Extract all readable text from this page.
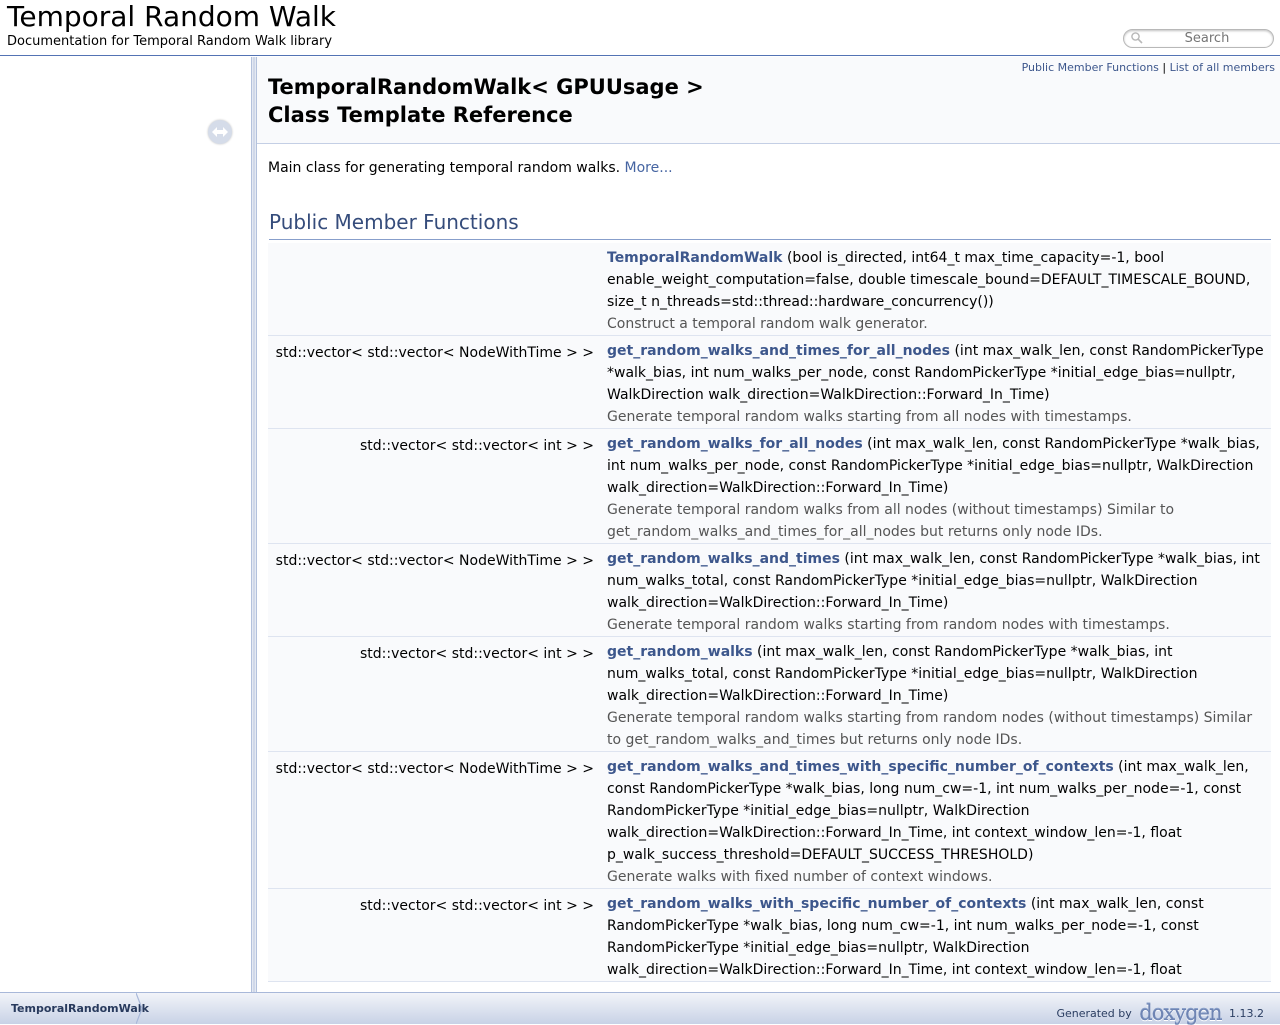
Temporal Random Walk
Documentation for Temporal Random Walk library
Search
Public Member Functions | List of all members
TemporalRandomWalk< GPUUsage >
Class Template Reference
Main class for generating temporal random walks. More...
Public Member Functions
TemporalRandomWalk (bool is_directed, int64_t max_time_capacity=-1, bool enable_weight_computation=false, double timescale_bound=DEFAULT_TIMESCALE_BOUND, size_t n_threads=std::thread::hardware_concurrency())
Construct a temporal random walk generator.
std::vector< std::vector< NodeWithTime > > get_random_walks_and_times_for_all_nodes (int max_walk_len, const RandomPickerType *walk_bias, int num_walks_per_node, const RandomPickerType *initial_edge_bias=nullptr, WalkDirection walk_direction=WalkDirection::Forward_In_Time)
Generate temporal random walks starting from all nodes with timestamps.
std::vector< std::vector< int > > get_random_walks_for_all_nodes (int max_walk_len, const RandomPickerType *walk_bias, int num_walks_per_node, const RandomPickerType *initial_edge_bias=nullptr, WalkDirection walk_direction=WalkDirection::Forward_In_Time)
Generate temporal random walks from all nodes (without timestamps) Similar to get_random_walks_and_times_for_all_nodes but returns only node IDs.
std::vector< std::vector< NodeWithTime > > get_random_walks_and_times (int max_walk_len, const RandomPickerType *walk_bias, int num_walks_total, const RandomPickerType *initial_edge_bias=nullptr, WalkDirection walk_direction=WalkDirection::Forward_In_Time)
Generate temporal random walks starting from random nodes with timestamps.
std::vector< std::vector< int > > get_random_walks (int max_walk_len, const RandomPickerType *walk_bias, int num_walks_total, const RandomPickerType *initial_edge_bias=nullptr, WalkDirection walk_direction=WalkDirection::Forward_In_Time)
Generate temporal random walks starting from random nodes (without timestamps) Similar to get_random_walks_and_times but returns only node IDs.
std::vector< std::vector< NodeWithTime > > get_random_walks_and_times_with_specific_number_of_contexts (int max_walk_len, const RandomPickerType *walk_bias, long num_cw=-1, int num_walks_per_node=-1, const RandomPickerType *initial_edge_bias=nullptr, WalkDirection walk_direction=WalkDirection::Forward_In_Time, int context_window_len=-1, float p_walk_success_threshold=DEFAULT_SUCCESS_THRESHOLD)
Generate walks with fixed number of context windows.
std::vector< std::vector< int > > get_random_walks_with_specific_number_of_contexts (int max_walk_len, const RandomPickerType *walk_bias, long num_cw=-1, int num_walks_per_node=-1, const RandomPickerType *initial_edge_bias=nullptr, WalkDirection walk_direction=WalkDirection::Forward_In_Time, int context_window_len=-1, float

TemporalRandomWalk	Generated by doxygen 1.13.2
